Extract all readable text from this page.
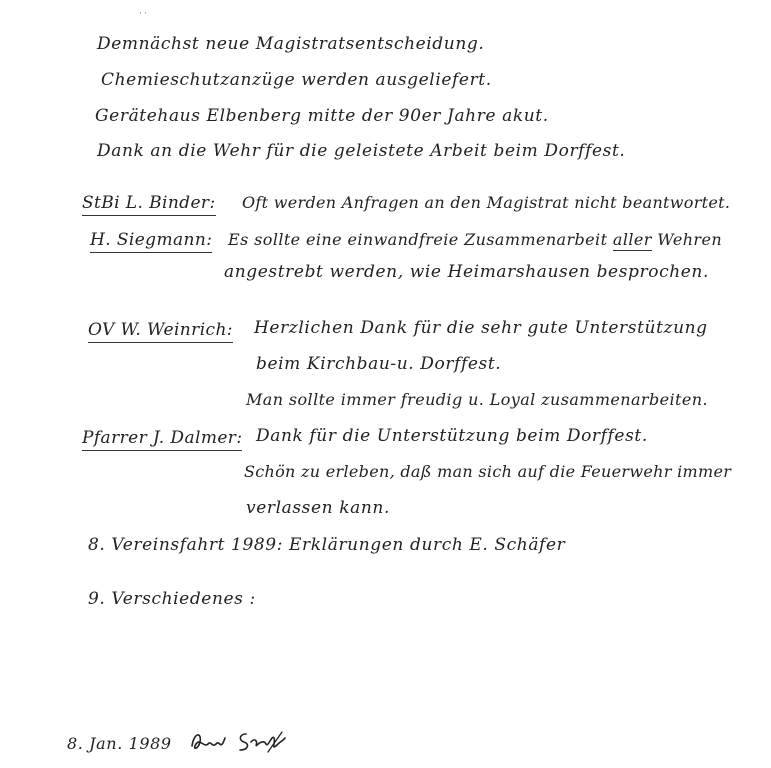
˙˙
Demnächst neue Magistratsentscheidung.
Chemieschutzanzüge werden ausgeliefert.
Gerätehaus Elbenberg mitte der 90er Jahre akut.
Dank an die Wehr für die geleistete Arbeit beim Dorffest.
StBi L. Binder: Oft werden Anfragen an den Magistrat nicht beantwortet.
H. Siegmann: Es sollte eine einwandfreie Zusammenarbeit aller Wehren
angestrebt werden, wie Heimarshausen besprochen.
OV W. Weinrich: Herzlichen Dank für die sehr gute Unterstützung
beim Kirchbau-u. Dorffest.
Man sollte immer freudig u. Loyal zusammenarbeiten.
Pfarrer J. Dalmer: Dank für die Unterstützung beim Dorffest.
Schön zu erleben, daß man sich auf die Feuerwehr immer
verlassen kann.
8. Vereinsfahrt 1989: Erklärungen durch E. Schäfer
9. Verschiedenes :
8. Jan. 1989
